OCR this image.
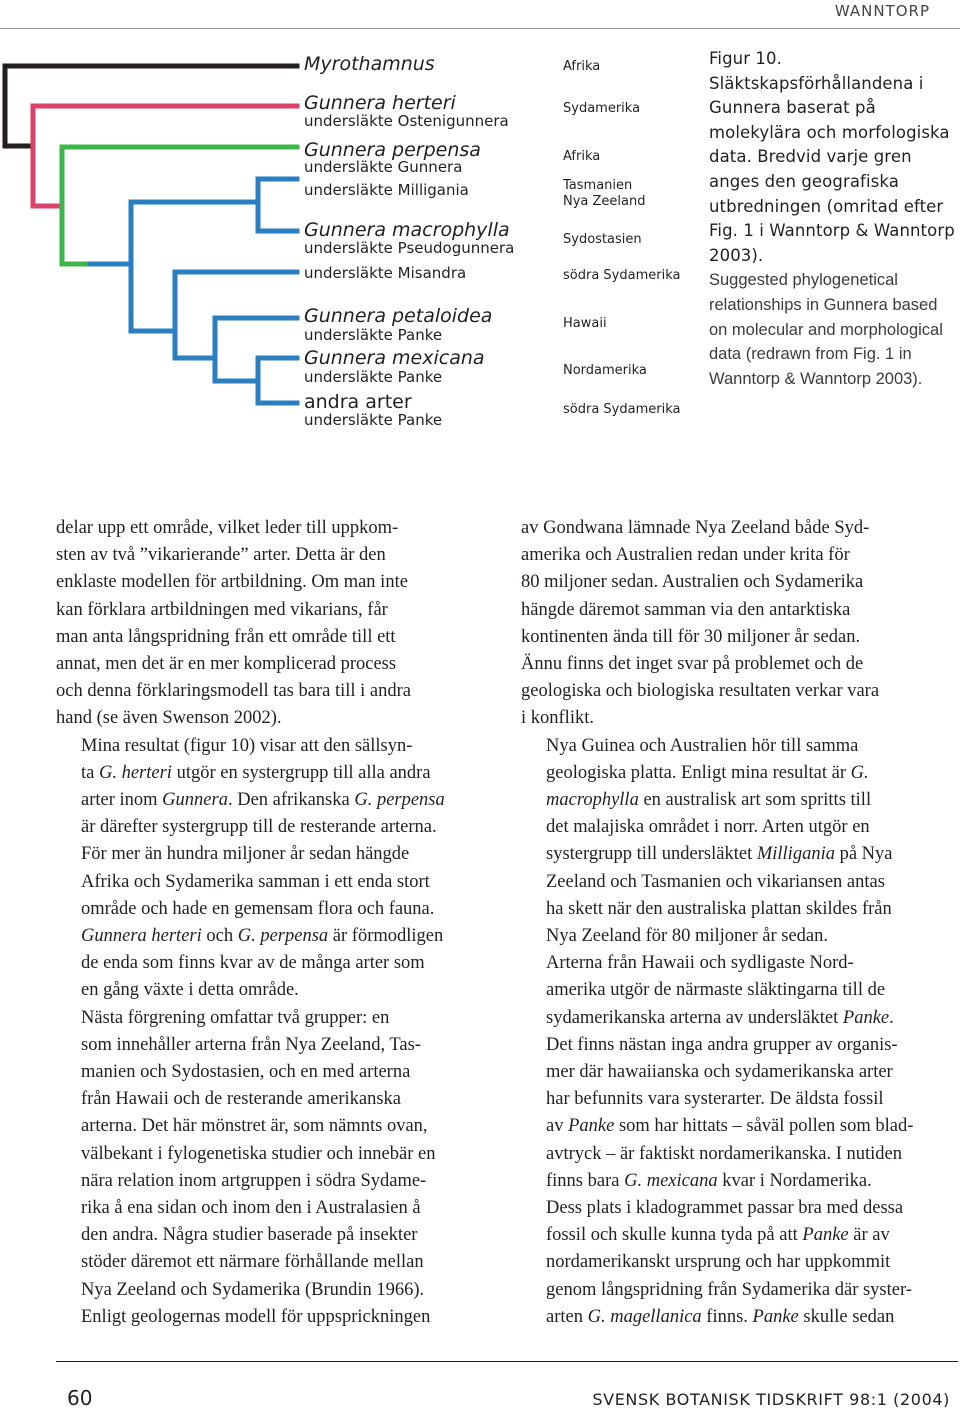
WANNTORP
Myrothamnus
Gunnera herteri
undersläkte Ostenigunnera
Gunnera perpensa
undersläkte Gunnera
undersläkte Milligania
Gunnera macrophylla
undersläkte Pseudogunnera
undersläkte Misandra
Gunnera petaloidea
undersläkte Panke
Gunnera mexicana
undersläkte Panke
andra arter
undersläkte Panke
Afrika
Sydamerika
Afrika
Tasmanien
Nya Zeeland
Sydostasien
södra Sydamerika
Hawaii
Nordamerika
södra Sydamerika
Figur 10. Släktskapsförhållandena i Gunnera baserat på molekylära och morfologiska data. Bredvid varje gren anges den geografiska utbredningen (omritad efter Fig. 1 i Wanntorp & Wanntorp 2003).
Suggested phylogenetical relationships in Gunnera based on molecular and morphological data (redrawn from Fig. 1 in Wanntorp & Wanntorp 2003).

delar upp ett område, vilket leder till uppkom-
sten av två ”vikarierande” arter. Detta är den
enklaste modellen för artbildning. Om man inte
kan förklara artbildningen med vikarians, får
man anta långspridning från ett område till ett
annat, men det är en mer komplicerad process
och denna förklaringsmodell tas bara till i andra
hand (se även Swenson 2002).

Mina resultat (figur 10) visar att den sällsyn-
ta G. herteri utgör en systergrupp till alla andra
arter inom Gunnera. Den afrikanska G. perpensa
är därefter systergrupp till de resterande arterna.
För mer än hundra miljoner år sedan hängde
Afrika och Sydamerika samman i ett enda stort
område och hade en gemensam flora och fauna.
Gunnera herteri och G. perpensa är förmodligen
de enda som finns kvar av de många arter som
en gång växte i detta område.

Nästa förgrening omfattar två grupper: en
som innehåller arterna från Nya Zeeland, Tas-
manien och Sydostasien, och en med arterna
från Hawaii och de resterande amerikanska
arterna. Det här mönstret är, som nämnts ovan,
välbekant i fylogenetiska studier och innebär en
nära relation inom artgruppen i södra Sydame-
rika å ena sidan och inom den i Australasien å
den andra. Några studier baserade på insekter
stöder däremot ett närmare förhållande mellan
Nya Zeeland och Sydamerika (Brundin 1966).
Enligt geologernas modell för uppsprickningen

av Gondwana lämnade Nya Zeeland både Syd-
amerika och Australien redan under krita för
80 miljoner sedan. Australien och Sydamerika
hängde däremot samman via den antarktiska
kontinenten ända till för 30 miljoner år sedan.
Ännu finns det inget svar på problemet och de
geologiska och biologiska resultaten verkar vara
i konflikt.

Nya Guinea och Australien hör till samma
geologiska platta. Enligt mina resultat är G.
macrophylla en australisk art som spritts till
det malajiska området i norr. Arten utgör en
systergrupp till undersläktet Milligania på Nya
Zeeland och Tasmanien och vikariansen antas
ha skett när den australiska plattan skildes från
Nya Zeeland för 80 miljoner år sedan.

Arterna från Hawaii och sydligaste Nord-
amerika utgör de närmaste släktingarna till de
sydamerikanska arterna av undersläktet Panke.
Det finns nästan inga andra grupper av organis-
mer där hawaiianska och sydamerikanska arter
har befunnits vara systerarter. De äldsta fossil
av Panke som har hittats – såväl pollen som blad-
avtryck – är faktiskt nordamerikanska. I nutiden
finns bara G. mexicana kvar i Nordamerika.
Dess plats i kladogrammet passar bra med dessa
fossil och skulle kunna tyda på att Panke är av
nordamerikanskt ursprung och har uppkommit
genom långspridning från Sydamerika där syster-
arten G. magellanica finns. Panke skulle sedan

60	SVENSK BOTANISK TIDSKRIFT 98:1 (2004)
